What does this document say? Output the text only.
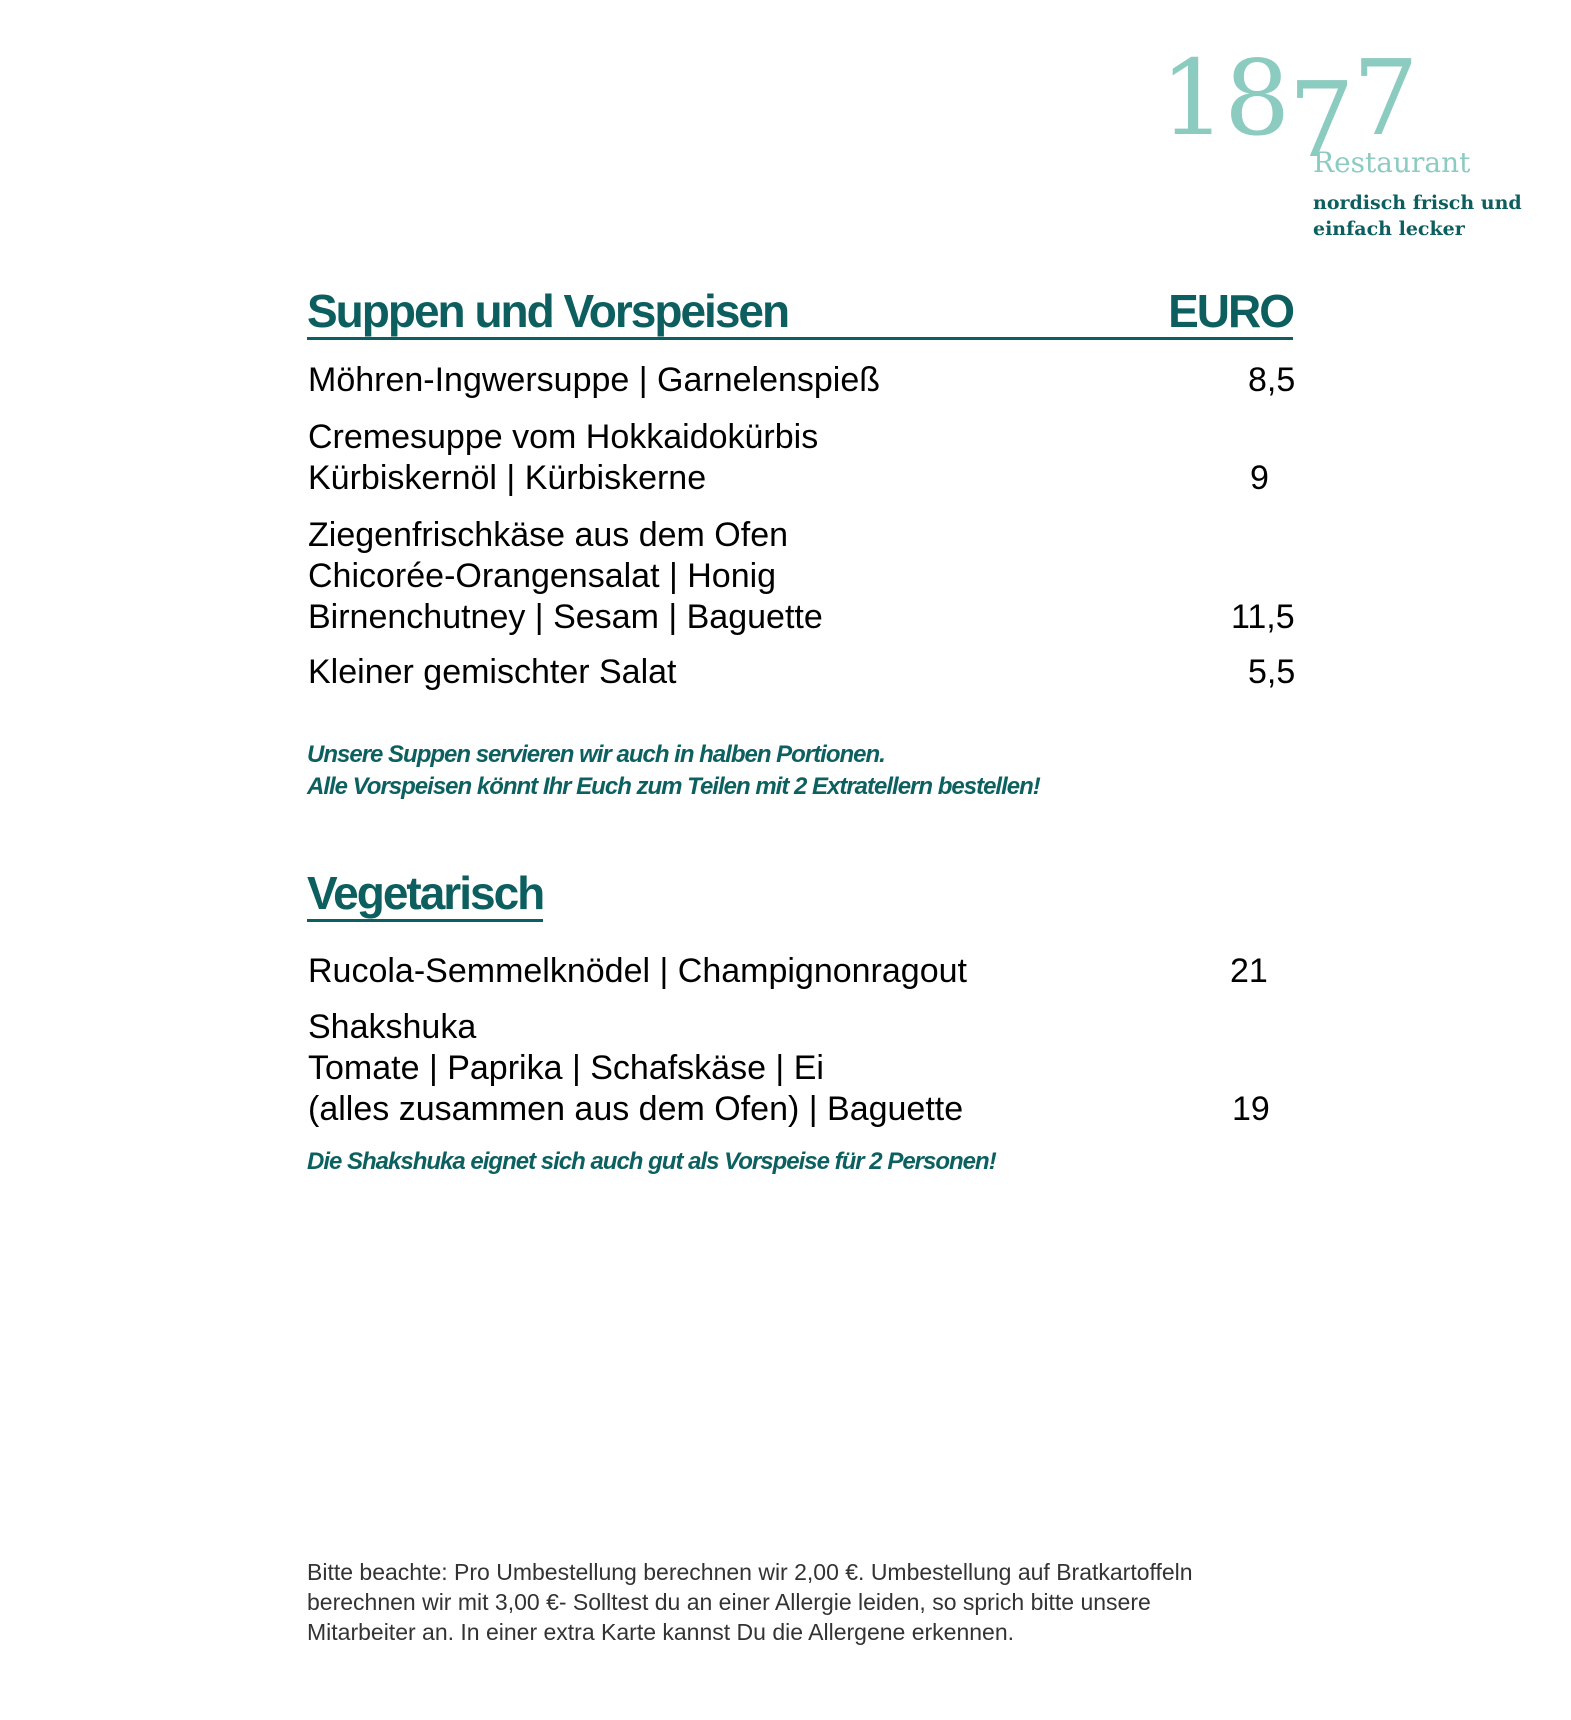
1877
Restaurant
nordisch frisch und
einfach lecker
Suppen und Vorspeisen	EURO
Möhren-Ingwersuppe | Garnelenspieß	8,5
Cremesuppe vom Hokkaidokürbis
Kürbiskernöl | Kürbiskerne	9
Ziegenfrischkäse aus dem Ofen
Chicorée-Orangensalat | Honig
Birnenchutney | Sesam | Baguette	11,5
Kleiner gemischter Salat	5,5
Unsere Suppen servieren wir auch in halben Portionen.
Alle Vorspeisen könnt Ihr Euch zum Teilen mit 2 Extratellern bestellen!
Vegetarisch
Rucola-Semmelknödel | Champignonragout	21
Shakshuka
Tomate | Paprika | Schafskäse | Ei
(alles zusammen aus dem Ofen) | Baguette	19
Die Shakshuka eignet sich auch gut als Vorspeise für 2 Personen!
Bitte beachte: Pro Umbestellung berechnen wir 2,00 €. Umbestellung auf Bratkartoffeln
berechnen wir mit 3,00 €- Solltest du an einer Allergie leiden, so sprich bitte unsere
Mitarbeiter an. In einer extra Karte kannst Du die Allergene erkennen.
